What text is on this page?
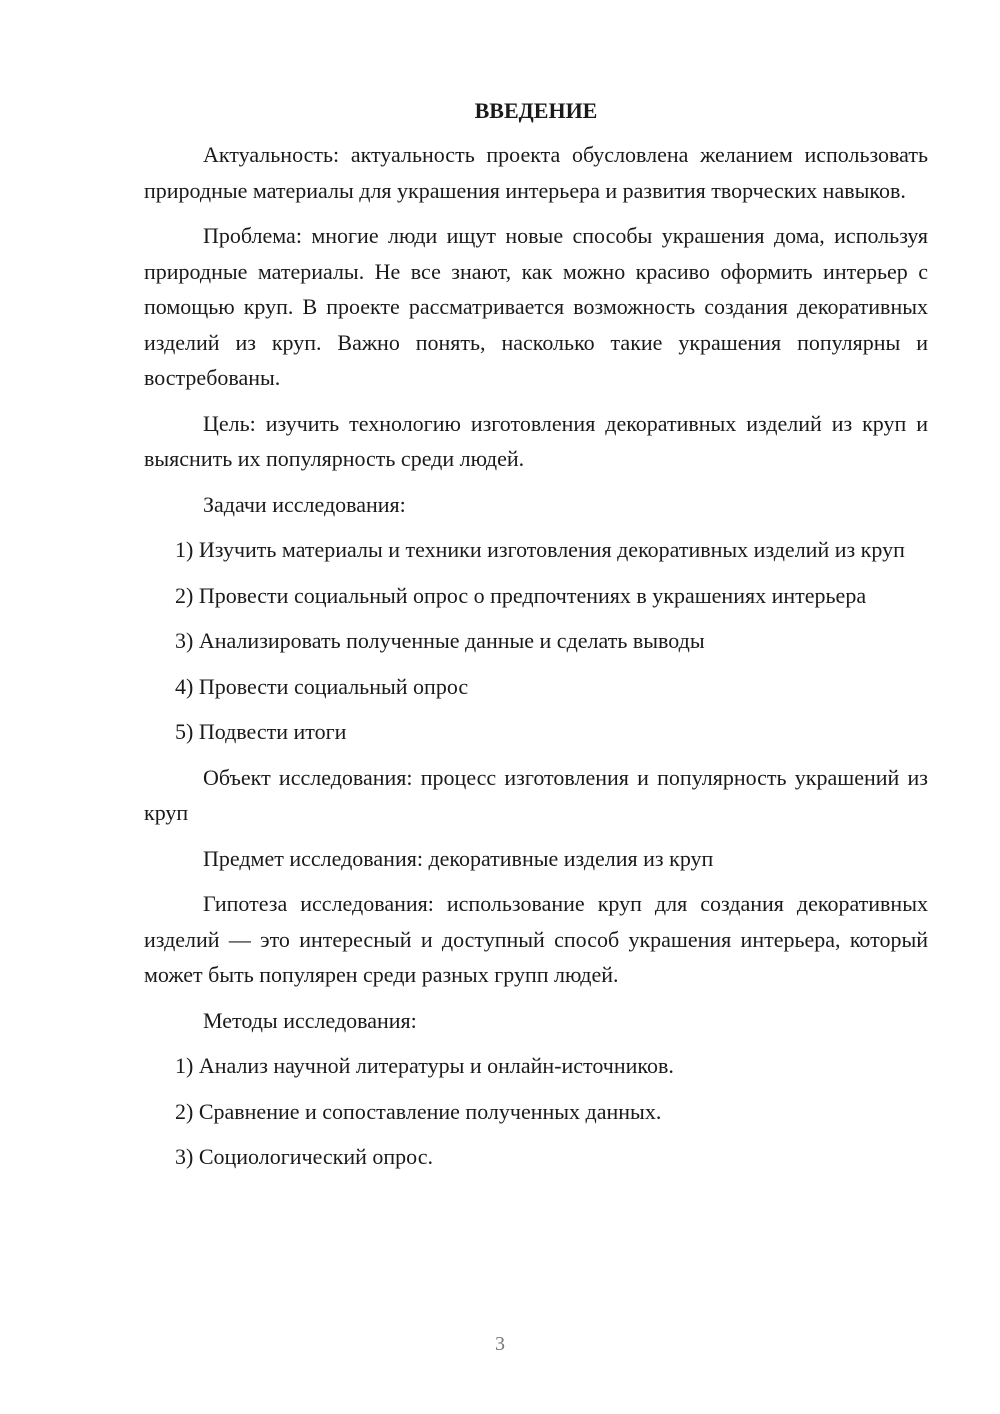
ВВЕДЕНИЕ
Актуальность: актуальность проекта обусловлена желанием использовать природные материалы для украшения интерьера и развития творческих навыков.
Проблема: многие люди ищут новые способы украшения дома, используя природные материалы. Не все знают, как можно красиво оформить интерьер с помощью круп. В проекте рассматривается возможность создания декоративных изделий из круп. Важно понять, насколько такие украшения популярны и востребованы.
Цель: изучить технологию изготовления декоративных изделий из круп и выяснить их популярность среди людей.
Задачи исследования:
1) Изучить материалы и техники изготовления декоративных изделий из круп
2) Провести социальный опрос о предпочтениях в украшениях интерьера
3) Анализировать полученные данные и сделать выводы
4) Провести социальный опрос
5) Подвести итоги
Объект исследования: процесс изготовления и популярность украшений из круп
Предмет исследования: декоративные изделия из круп
Гипотеза исследования: использование круп для создания декоративных изделий — это интересный и доступный способ украшения интерьера, который может быть популярен среди разных групп людей.
Методы исследования:
1) Анализ научной литературы и онлайн-источников.
2) Сравнение и сопоставление полученных данных.
3) Социологический опрос.
3
